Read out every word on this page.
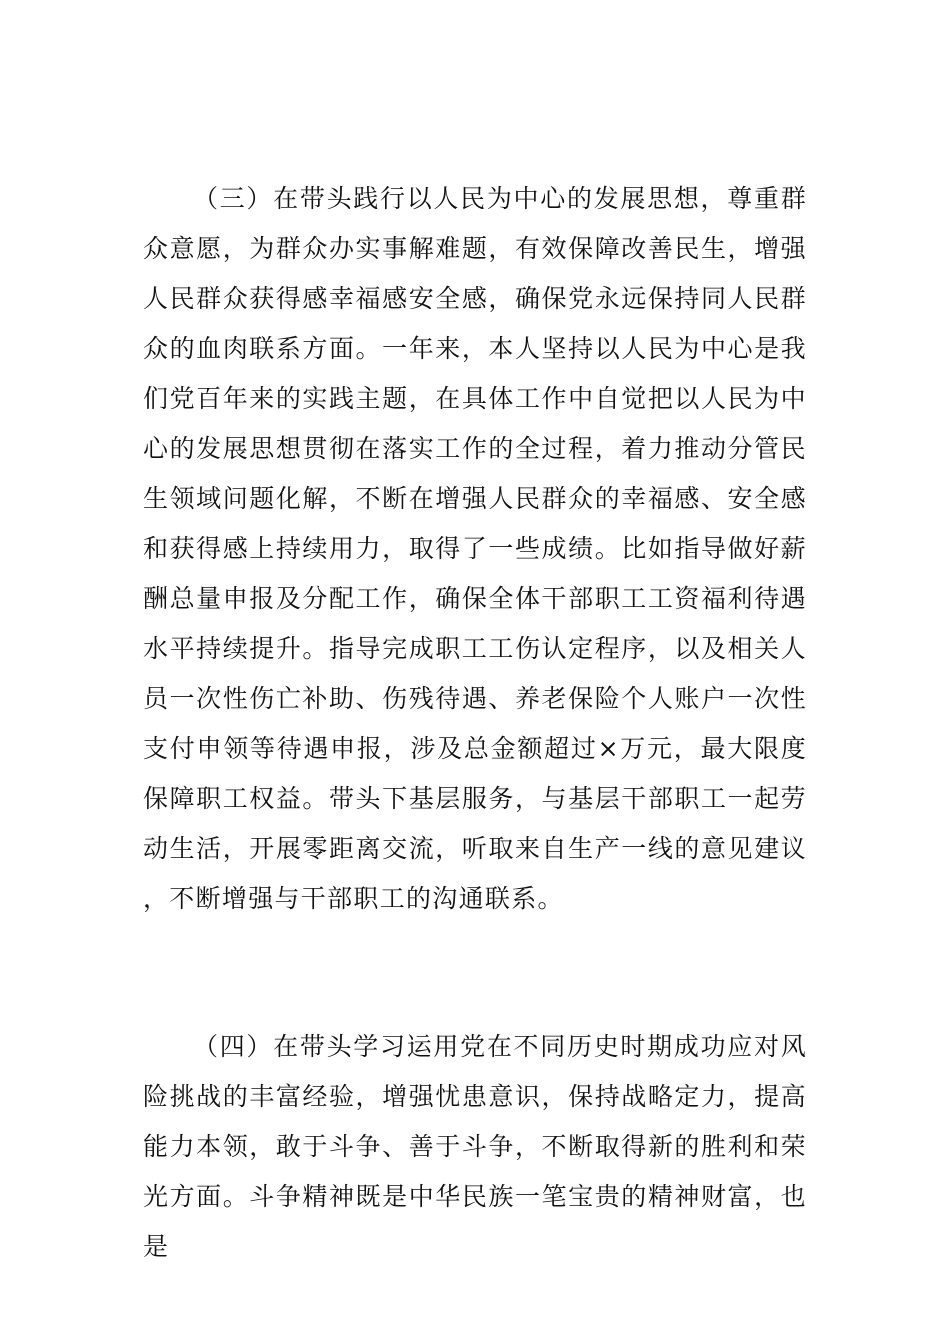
（三）在带头践行以人民为中心的发展思想，尊重群众意愿，为群众办实事解难题，有效保障改善民生，增强人民群众获得感幸福感安全感，确保党永远保持同人民群众的血肉联系方面。一年来，本人坚持以人民为中心是我们党百年来的实践主题，在具体工作中自觉把以人民为中心的发展思想贯彻在落实工作的全过程，着力推动分管民生领域问题化解，不断在增强人民群众的幸福感、安全感和获得感上持续用力，取得了一些成绩。比如指导做好薪酬总量申报及分配工作，确保全体干部职工工资福利待遇水平持续提升。指导完成职工工伤认定程序，以及相关人员一次性伤亡补助、伤残待遇、养老保险个人账户一次性支付申领等待遇申报，涉及总金额超过×万元，最大限度保障职工权益。带头下基层服务，与基层干部职工一起劳动生活，开展零距离交流，听取来自生产一线的意见建议，不断增强与干部职工的沟通联系。

（四）在带头学习运用党在不同历史时期成功应对风险挑战的丰富经验，增强忧患意识，保持战略定力，提高能力本领，敢于斗争、善于斗争，不断取得新的胜利和荣光方面。斗争精神既是中华民族一笔宝贵的精神财富，也是
